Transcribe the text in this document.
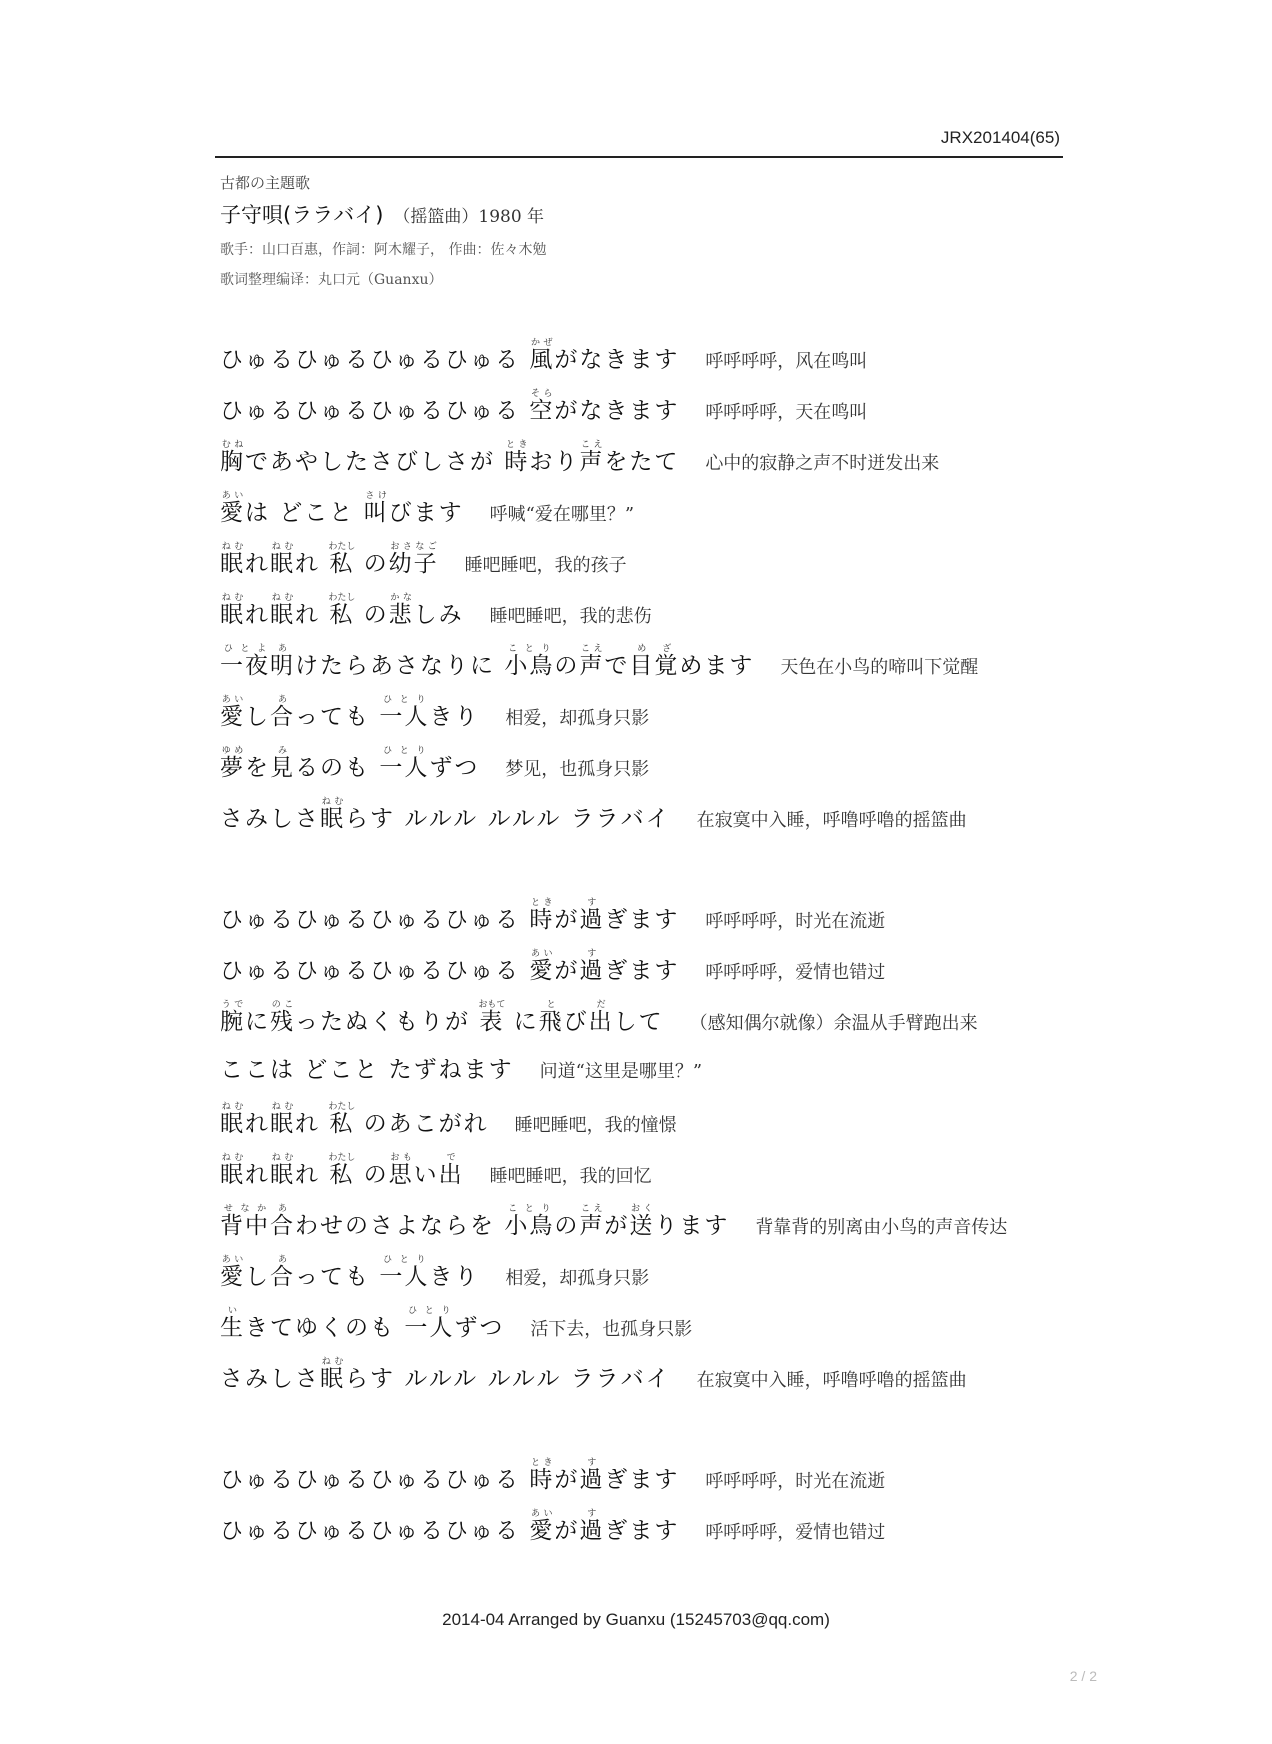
JRX201404(65)
古都の主題歌
子守唄(ララバイ) （摇篮曲）1980 年
歌手：山口百惠，作詞：阿木耀子， 作曲：佐々木勉
歌词整理编译：丸口元（Guanxu）
ひゅるひゅるひゅるひゅる 風かぜがなきます 呼呼呼呼，风在鸣叫
ひゅるひゅるひゅるひゅる 空そらがなきます 呼呼呼呼，天在鸣叫
胸むねであやしたさびしさが 時ときおり声こえをたて 心中的寂静之声不时迸发出来
愛あいは どこと 叫さけびます 呼喊“爱在哪里？”
眠ねむれ眠ねむれ 私わたし の幼子おさなご
睡吧睡吧，我的孩子
眠ねむれ眠ねむれ 私わたし の悲かなしみ 睡吧睡吧，我的悲伤
一夜ひとよ明あけたらあさなりに 小鳥ことりの声こえで目覚めざめます 天色在小鸟的啼叫下觉醒
愛あいし合あっても 一人ひとりきり 相爱，却孤身只影
夢ゆめを見みるのも 一人ひとりずつ 梦见，也孤身只影
さみしさ眠ねむらす ルルル ルルル ララバイ 在寂寞中入睡，呼噜呼噜的摇篮曲
ひゅるひゅるひゅるひゅる 時ときが過すぎます 呼呼呼呼，时光在流逝
ひゅるひゅるひゅるひゅる 愛あいが過すぎます 呼呼呼呼，爱情也错过
腕うでに残のこったぬくもりが 表おもて に飛とび出だして （感知偶尔就像）余温从手臂跑出来
ここは どこと たずねます 问道“这里是哪里？”
眠ねむれ眠ねむれ 私わたし のあこがれ 睡吧睡吧，我的憧憬
眠ねむれ眠ねむれ 私わたし の思おもい出で
睡吧睡吧，我的回忆
背中せなか合あわせのさよならを 小鳥ことりの声こえが送おくります 背靠背的别离由小鸟的声音传达
愛あいし合あっても 一人ひとりきり 相爱，却孤身只影
生いきてゆくのも 一人ひとりずつ 活下去，也孤身只影
さみしさ眠ねむらす ルルル ルルル ララバイ 在寂寞中入睡，呼噜呼噜的摇篮曲
ひゅるひゅるひゅるひゅる 時ときが過すぎます 呼呼呼呼，时光在流逝
ひゅるひゅるひゅるひゅる 愛あいが過すぎます 呼呼呼呼，爱情也错过
2014-04 Arranged by Guanxu (15245703@qq.com)
2 / 2
